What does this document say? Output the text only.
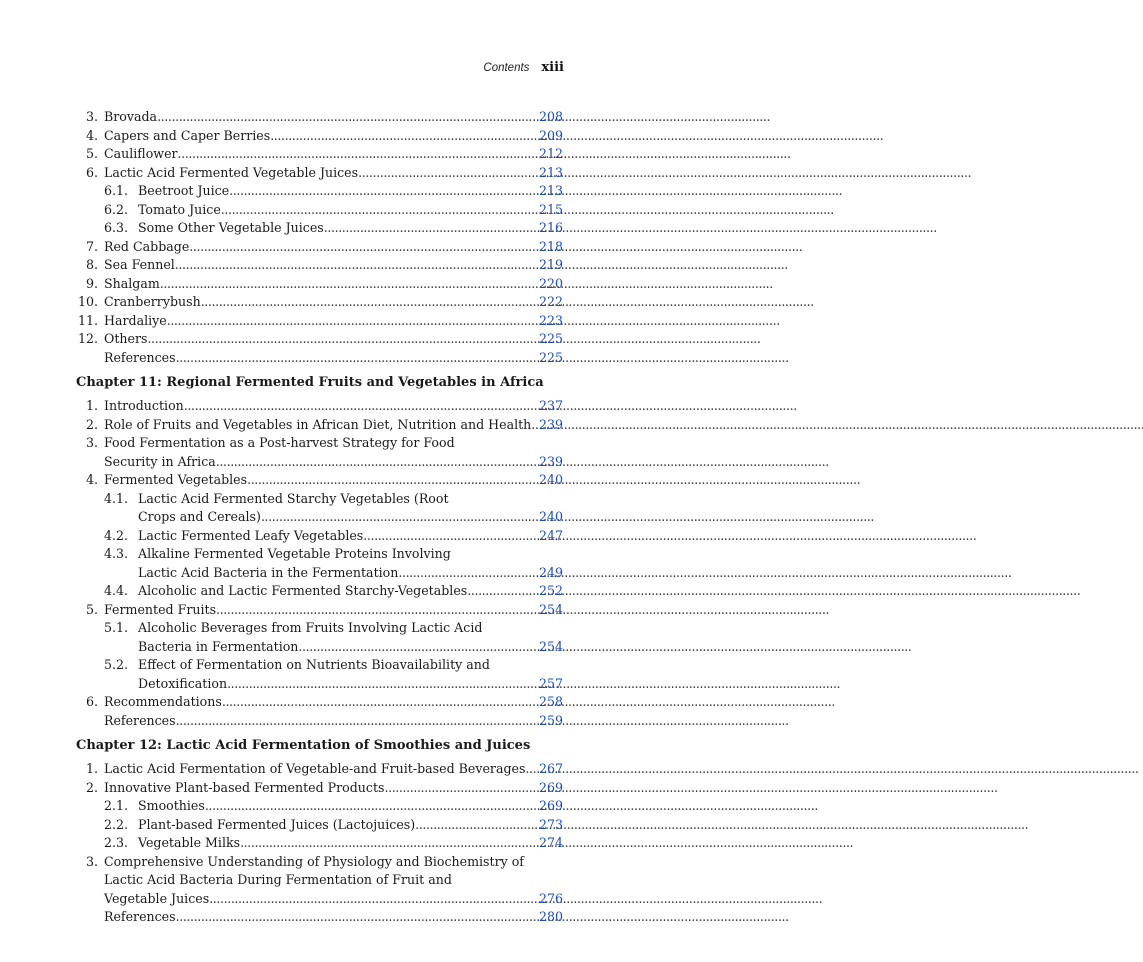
Contents xiii
3. Brovada . . .	208
4. Capers and Caper Berries . . .	209
5. Cauliflower . . .	212
6. Lactic Acid Fermented Vegetable Juices . . .	213
6.1. Beetroot Juice . . .	213
6.2. Tomato Juice . . .	215
6.3. Some Other Vegetable Juices . . .	216
7. Red Cabbage . . .	218
8. Sea Fennel . . .	219
9. Shalgam . . .	220
10. Cranberrybush . . .	222
11. Hardaliye . . .	223
12. Others . . .	225
References . . .	225
Chapter 11: Regional Fermented Fruits and Vegetables in Africa
1. Introduction . . .	237
2. Role of Fruits and Vegetables in African Diet, Nutrition and Health . . . 239
3. Food Fermentation as a Post-harvest Strategy for Food
Security in Africa . . .	239
4. Fermented Vegetables . . .	240
4.1. Lactic Acid Fermented Starchy Vegetables (Root
Crops and Cereals) . . .	240
4.2. Lactic Fermented Leafy Vegetables . . .	247
4.3. Alkaline Fermented Vegetable Proteins Involving
Lactic Acid Bacteria in the Fermentation . . .	249
4.4. Alcoholic and Lactic Fermented Starchy-Vegetables . . .	252
5. Fermented Fruits . . .	254
5.1. Alcoholic Beverages from Fruits Involving Lactic Acid
Bacteria in Fermentation . . .	254
5.2. Effect of Fermentation on Nutrients Bioavailability and
Detoxification . . .	257
6. Recommendations . . .	258
References . . .	259
Chapter 12: Lactic Acid Fermentation of Smoothies and Juices
1. Lactic Acid Fermentation of Vegetable-and Fruit-based Beverages . . . 267
2. Innovative Plant-based Fermented Products . . .	269
2.1. Smoothies . . .	269
2.2. Plant-based Fermented Juices (Lactojuices) . . .	273
2.3. Vegetable Milks . . .	274
3. Comprehensive Understanding of Physiology and Biochemistry of
Lactic Acid Bacteria During Fermentation of Fruit and
Vegetable Juices . . .	276
References . . .	280
